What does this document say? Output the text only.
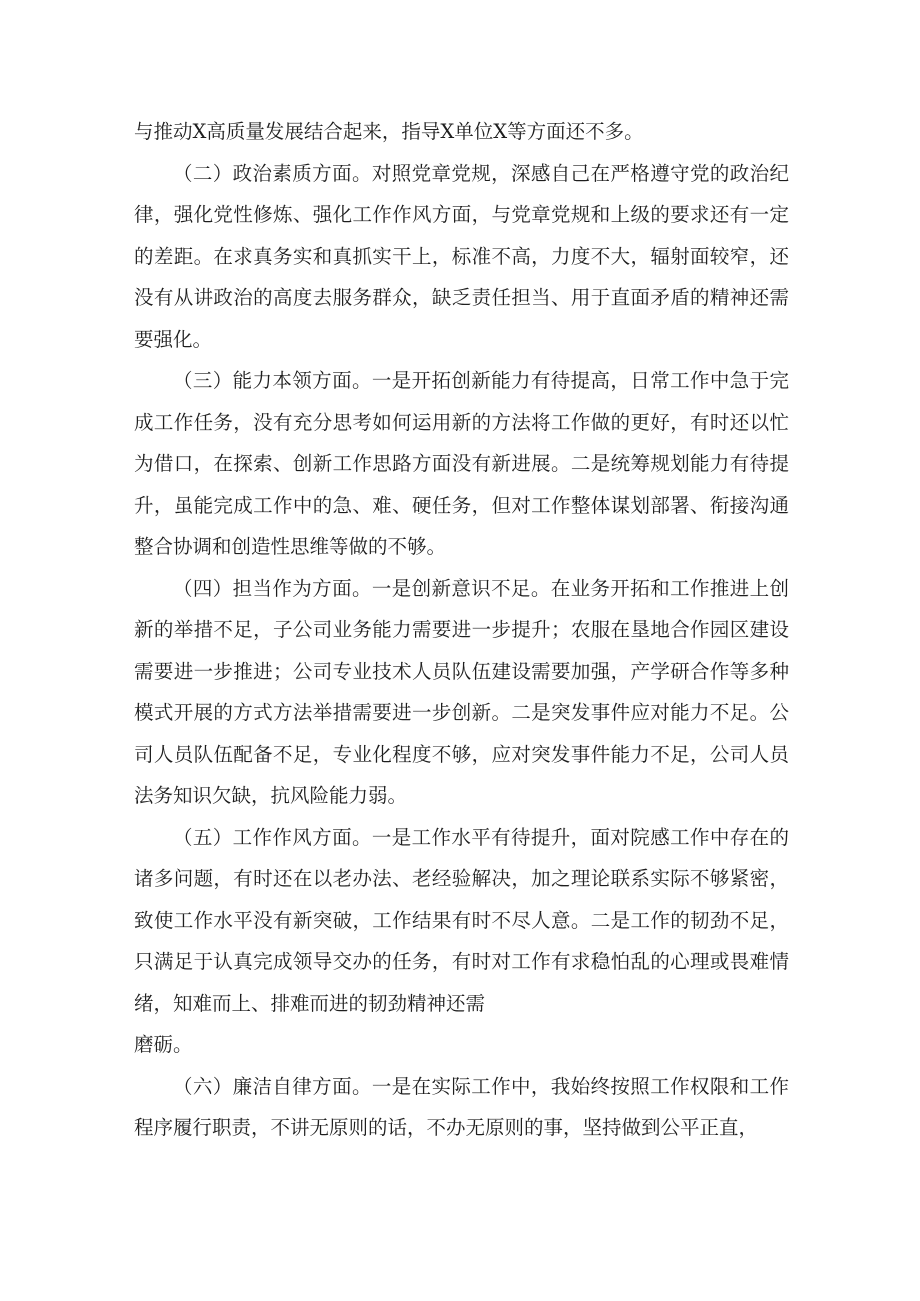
与推动X高质量发展结合起来，指导X单位X等方面还不多。

（二）政治素质方面。对照党章党规，深感自己在严格遵守党的政治纪律，强化党性修炼、强化工作作风方面，与党章党规和上级的要求还有一定的差距。在求真务实和真抓实干上，标准不高，力度不大，辐射面较窄，还没有从讲政治的高度去服务群众，缺乏责任担当、用于直面矛盾的精神还需要强化。

（三）能力本领方面。一是开拓创新能力有待提高，日常工作中急于完成工作任务，没有充分思考如何运用新的方法将工作做的更好，有时还以忙为借口，在探索、创新工作思路方面没有新进展。二是统筹规划能力有待提升，虽能完成工作中的急、难、硬任务，但对工作整体谋划部署、衔接沟通整合协调和创造性思维等做的不够。

（四）担当作为方面。一是创新意识不足。在业务开拓和工作推进上创新的举措不足，子公司业务能力需要进一步提升；农服在垦地合作园区建设需要进一步推进；公司专业技术人员队伍建设需要加强，产学研合作等多种模式开展的方式方法举措需要进一步创新。二是突发事件应对能力不足。公司人员队伍配备不足，专业化程度不够，应对突发事件能力不足，公司人员法务知识欠缺，抗风险能力弱。

（五）工作作风方面。一是工作水平有待提升，面对院感工作中存在的诸多问题，有时还在以老办法、老经验解决，加之理论联系实际不够紧密，致使工作水平没有新突破，工作结果有时不尽人意。二是工作的韧劲不足，只满足于认真完成领导交办的任务，有时对工作有求稳怕乱的心理或畏难情绪，知难而上、排难而进的韧劲精神还需
磨砺。

（六）廉洁自律方面。一是在实际工作中，我始终按照工作权限和工作程序履行职责，不讲无原则的话，不办无原则的事，坚持做到公平正直，
